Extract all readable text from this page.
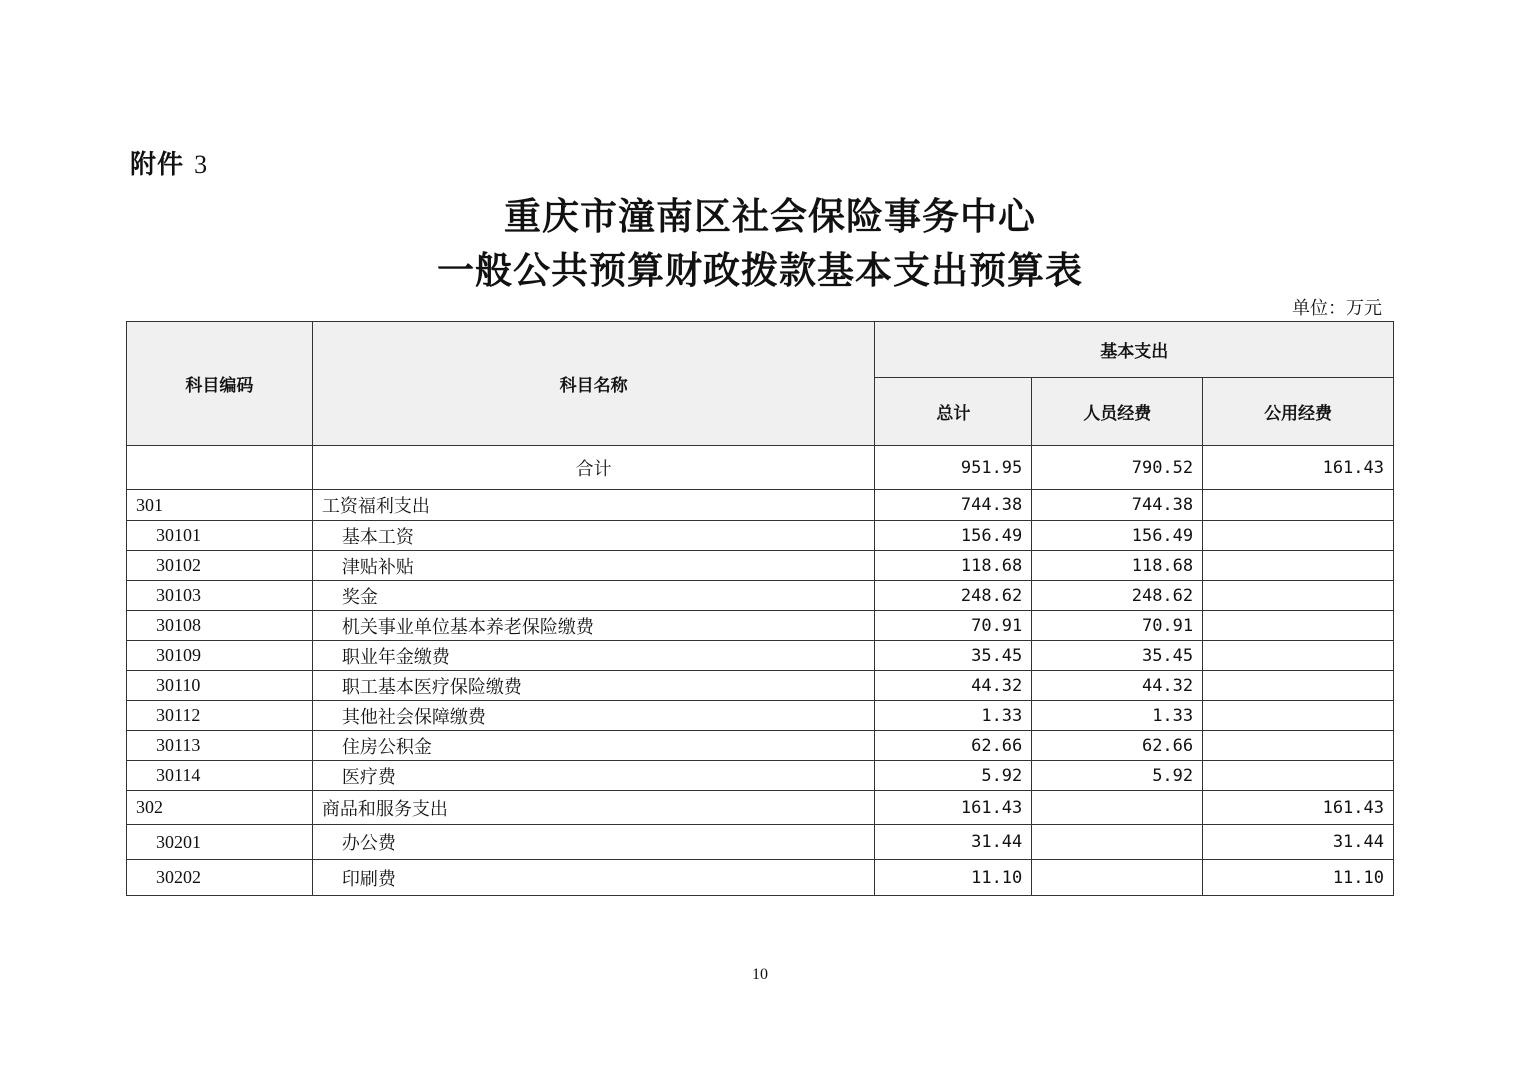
附件 3
重庆市潼南区社会保险事务中心
一般公共预算财政拨款基本支出预算表
单位：万元
科目编码	科目名称	基本支出		
		总计	人员经费	公用经费
	合计	951.95	790.52	161.43
301	工资福利支出	744.38	744.38	
30101	基本工资	156.49	156.49	
30102	津贴补贴	118.68	118.68	
30103	奖金	248.62	248.62	
30108	机关事业单位基本养老保险缴费	70.91	70.91	
30109	职业年金缴费	35.45	35.45	
30110	职工基本医疗保险缴费	44.32	44.32	
30112	其他社会保障缴费	1.33	1.33	
30113	住房公积金	62.66	62.66	
30114	医疗费	5.92	5.92	
302	商品和服务支出	161.43		161.43
30201	办公费	31.44		31.44
30202	印刷费	11.10		11.10
10
